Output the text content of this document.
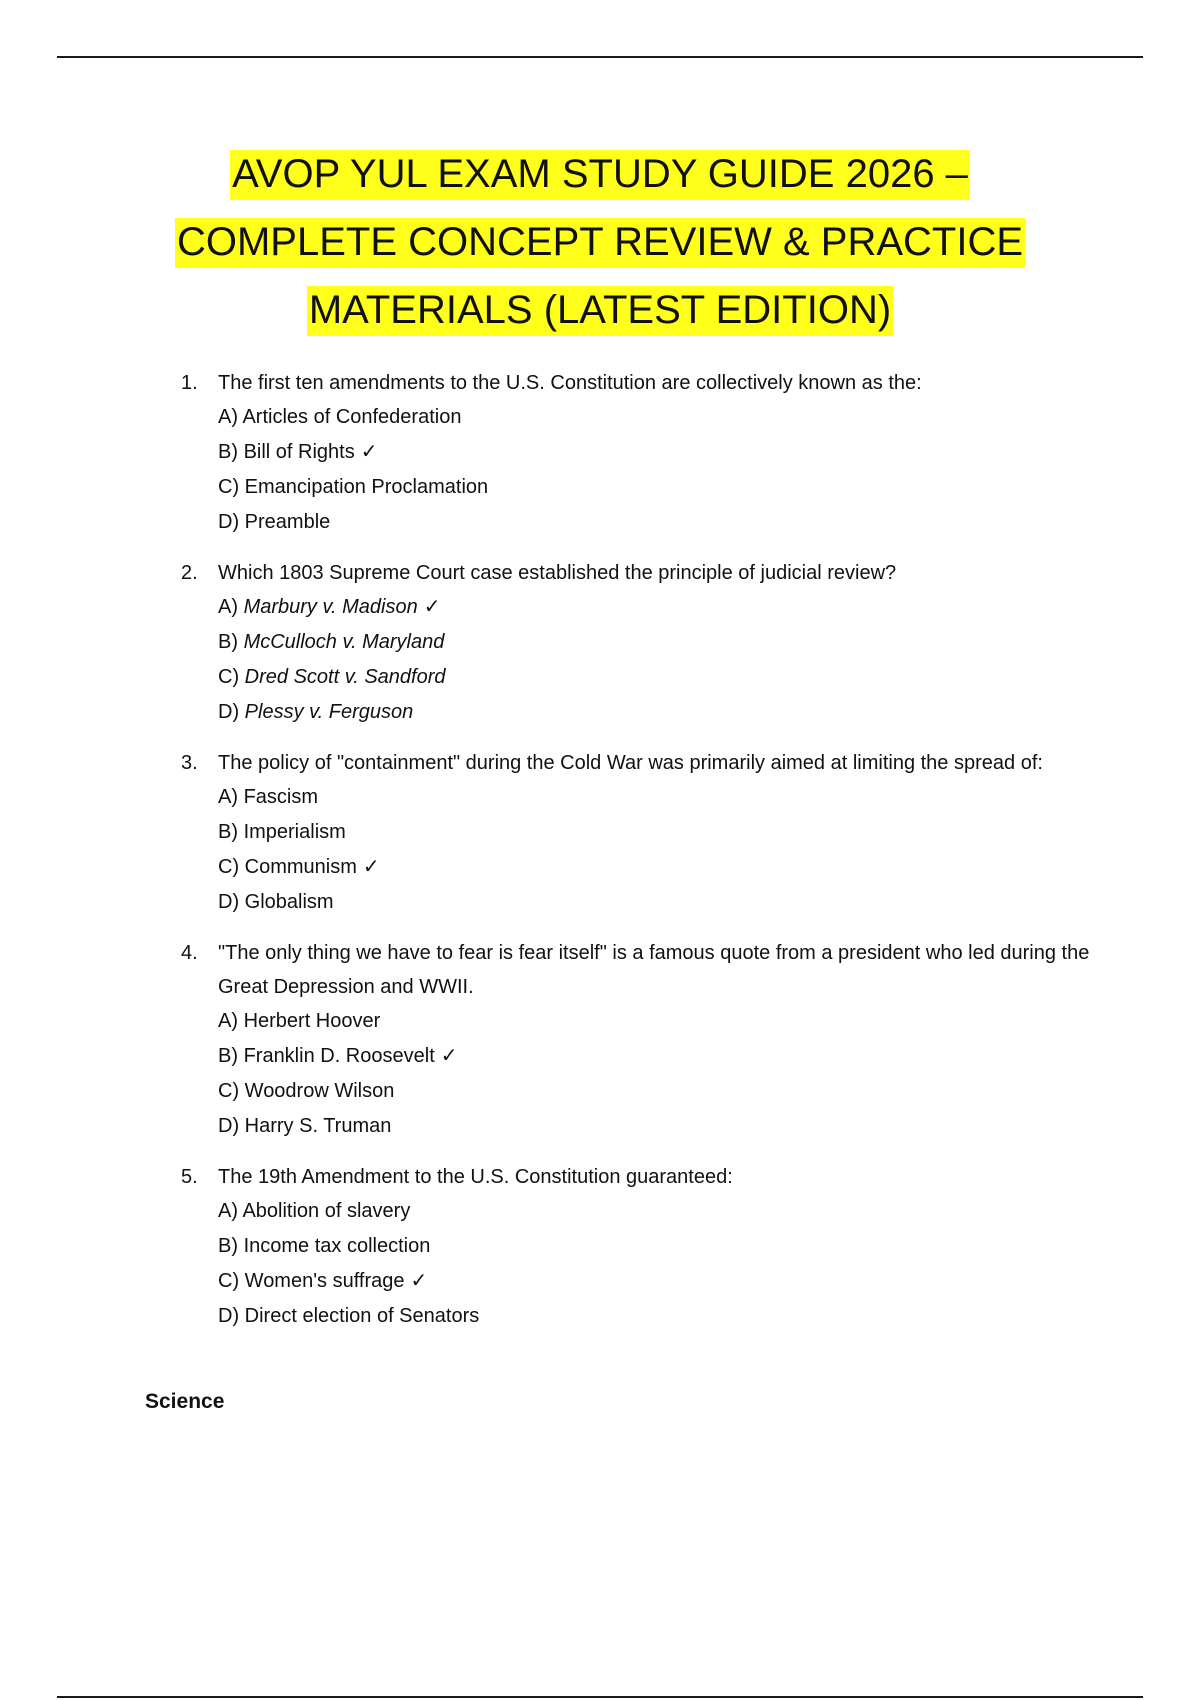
AVOP YUL EXAM STUDY GUIDE 2026 –
COMPLETE CONCEPT REVIEW & PRACTICE
MATERIALS (LATEST EDITION)
1. The first ten amendments to the U.S. Constitution are collectively known as the:
A) Articles of Confederation
B) Bill of Rights ✓
C) Emancipation Proclamation
D) Preamble
2. Which 1803 Supreme Court case established the principle of judicial review?
A) Marbury v. Madison ✓
B) McCulloch v. Maryland
C) Dred Scott v. Sandford
D) Plessy v. Ferguson
3. The policy of "containment" during the Cold War was primarily aimed at limiting the spread of:
A) Fascism
B) Imperialism
C) Communism ✓
D) Globalism
4. "The only thing we have to fear is fear itself" is a famous quote from a president who led during the Great Depression and WWII.
A) Herbert Hoover
B) Franklin D. Roosevelt ✓
C) Woodrow Wilson
D) Harry S. Truman
5. The 19th Amendment to the U.S. Constitution guaranteed:
A) Abolition of slavery
B) Income tax collection
C) Women's suffrage ✓
D) Direct election of Senators
Science
